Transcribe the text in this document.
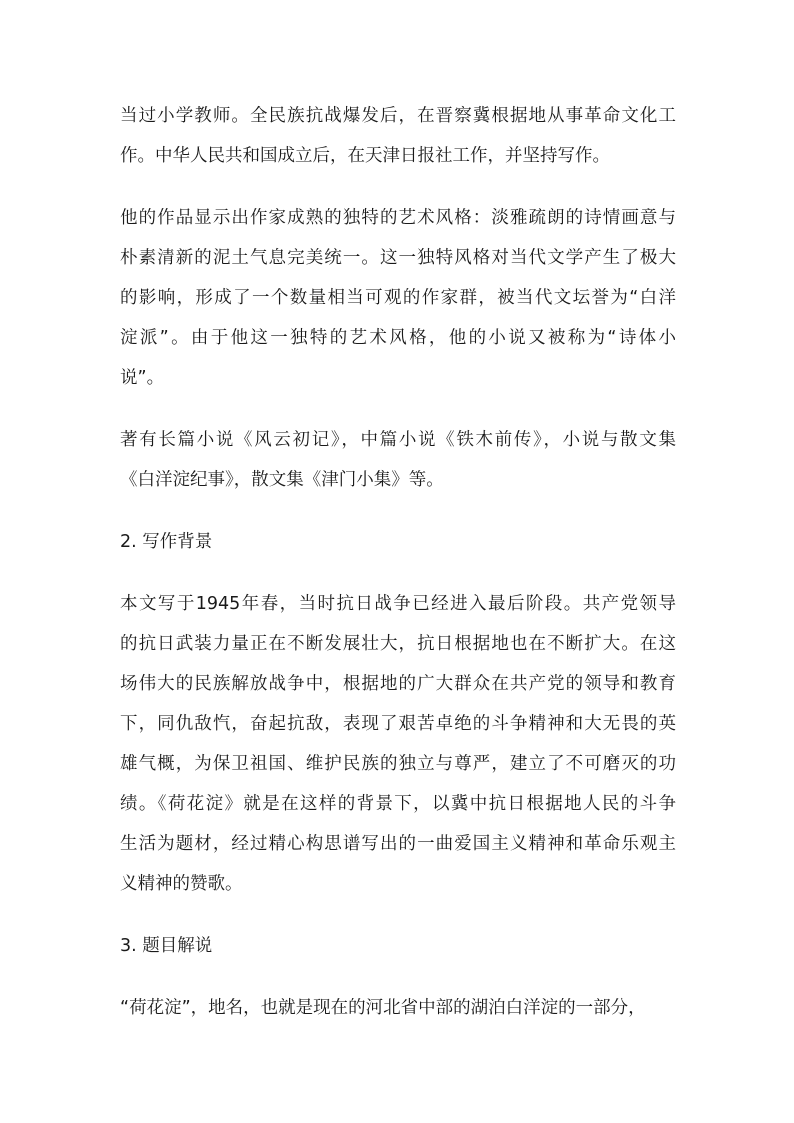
当过小学教师。全民族抗战爆发后，在晋察冀根据地从事革命文化工
作。中华人民共和国成立后，在天津日报社工作，并坚持写作。

他的作品显示出作家成熟的独特的艺术风格：淡雅疏朗的诗情画意与
朴素清新的泥土气息完美统一。这一独特风格对当代文学产生了极大
的影响，形成了一个数量相当可观的作家群，被当代文坛誉为“白洋
淀派”。由于他这一独特的艺术风格，他的小说又被称为“诗体小
说”。

著有长篇小说《风云初记》，中篇小说《铁木前传》，小说与散文集
《白洋淀纪事》，散文集《津门小集》等。

2. 写作背景

本文写于1945年春，当时抗日战争已经进入最后阶段。共产党领导
的抗日武装力量正在不断发展壮大，抗日根据地也在不断扩大。在这
场伟大的民族解放战争中，根据地的广大群众在共产党的领导和教育
下，同仇敌忾，奋起抗敌，表现了艰苦卓绝的斗争精神和大无畏的英
雄气概，为保卫祖国、维护民族的独立与尊严，建立了不可磨灭的功
绩。《荷花淀》就是在这样的背景下，以冀中抗日根据地人民的斗争
生活为题材，经过精心构思谱写出的一曲爱国主义精神和革命乐观主
义精神的赞歌。

3. 题目解说

“荷花淀”，地名，也就是现在的河北省中部的湖泊白洋淀的一部分，
